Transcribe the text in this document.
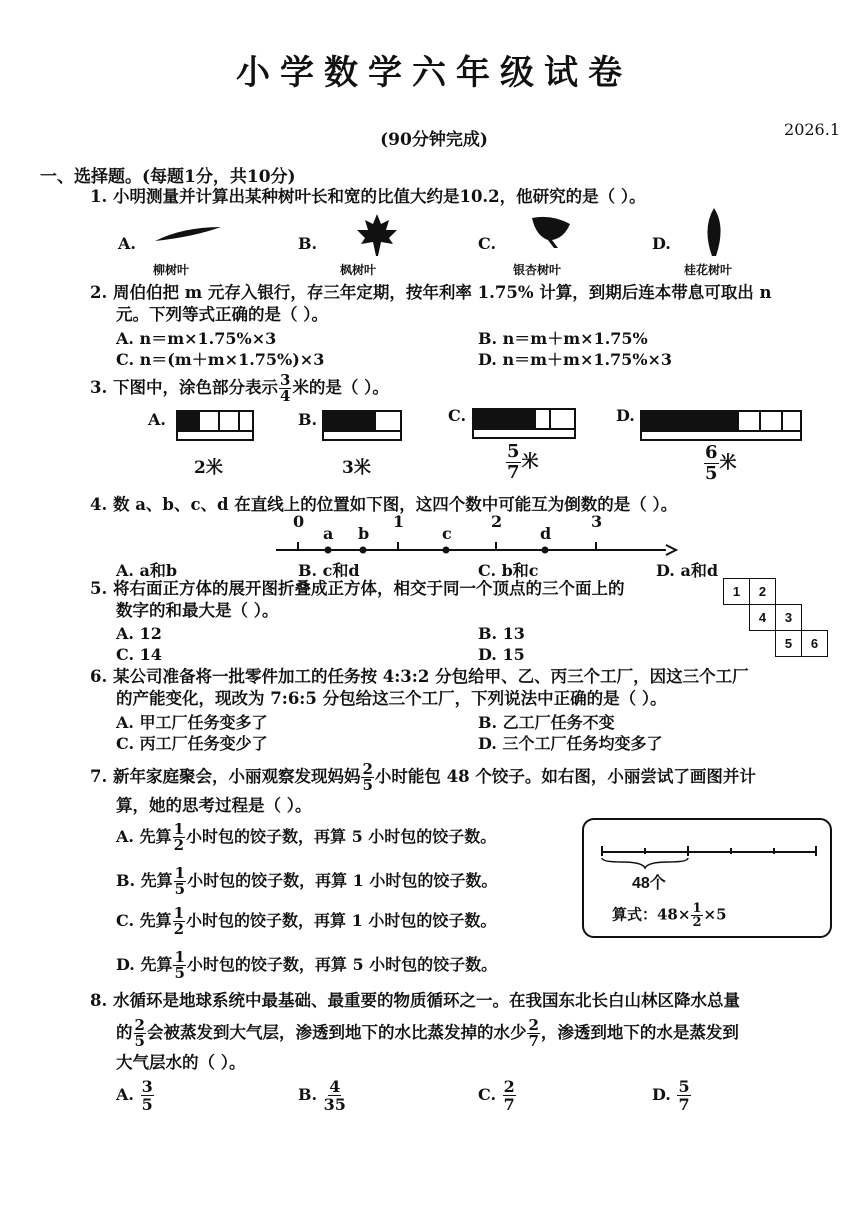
小学数学六年级试卷
(90分钟完成)
2026.1
一、选择题。(每题1分，共10分)
1. 小明测量并计算出某种树叶长和宽的比值大约是10.2，他研究的是（ ）。
A.
柳树叶
B.
枫树叶
C.
银杏树叶
D.
桂花树叶
2. 周伯伯把 m 元存入银行，存三年定期，按年利率 1.75% 计算，到期后连本带息可取出 n
元。下列等式正确的是（ ）。
A. n＝m×1.75%×3	B. n＝m＋m×1.75%
C. n＝(m＋m×1.75%)×3	D. n＝m＋m×1.75%×3
3. 下图中，涂色部分表示 $\frac{3}{4}$ 米的是（ ）。
A.
2米
B.
3米
C.
$\frac{5}{7}$ 米
D.
$\frac{6}{5}$ 米
4. 数 a、b、c、d 在直线上的位置如下图，这四个数中可能互为倒数的是（ ）。
0	1	2	3
a b	c	d
A. a和b	B. c和d	C. b和c	D. a和d
5. 将右面正方体的展开图折叠成正方体，相交于同一个顶点的三个面上的
数字的和最大是（ ）。
A. 12	B. 13
C. 14	D. 15
1	2
4	3
5	6
6. 某公司准备将一批零件加工的任务按 4:3:2 分包给甲、乙、丙三个工厂，因这三个工厂
的产能变化，现改为 7:6:5 分包给这三个工厂，下列说法中正确的是（ ）。
A. 甲工厂任务变多了	B. 乙工厂任务不变
C. 丙工厂任务变少了	D. 三个工厂任务均变多了
7. 新年家庭聚会，小丽观察发现妈妈 $\frac{2}{5}$ 小时能包 48 个饺子。如右图，小丽尝试了画图并计
算，她的思考过程是（ ）。
A. 先算 $\frac{1}{2}$ 小时包的饺子数，再算 5 小时包的饺子数。
B. 先算 $\frac{1}{5}$ 小时包的饺子数，再算 1 小时包的饺子数。
C. 先算 $\frac{1}{2}$ 小时包的饺子数，再算 1 小时包的饺子数。
D. 先算 $\frac{1}{5}$ 小时包的饺子数，再算 5 小时包的饺子数。
48个
算式：$48\times \frac{1}{2} \times 5$
8. 水循环是地球系统中最基础、最重要的物质循环之一。在我国东北长白山林区降水总量
的 $\frac{2}{5}$ 会被蒸发到大气层，渗透到地下的水比蒸发掉的水少 $\frac{2}{7}$ ，渗透到地下的水是蒸发到
大气层水的（ ）。
A. $\frac{3}{5}$	B. $\frac{4}{35}$	C. $\frac{2}{7}$	D. $\frac{5}{7}$
